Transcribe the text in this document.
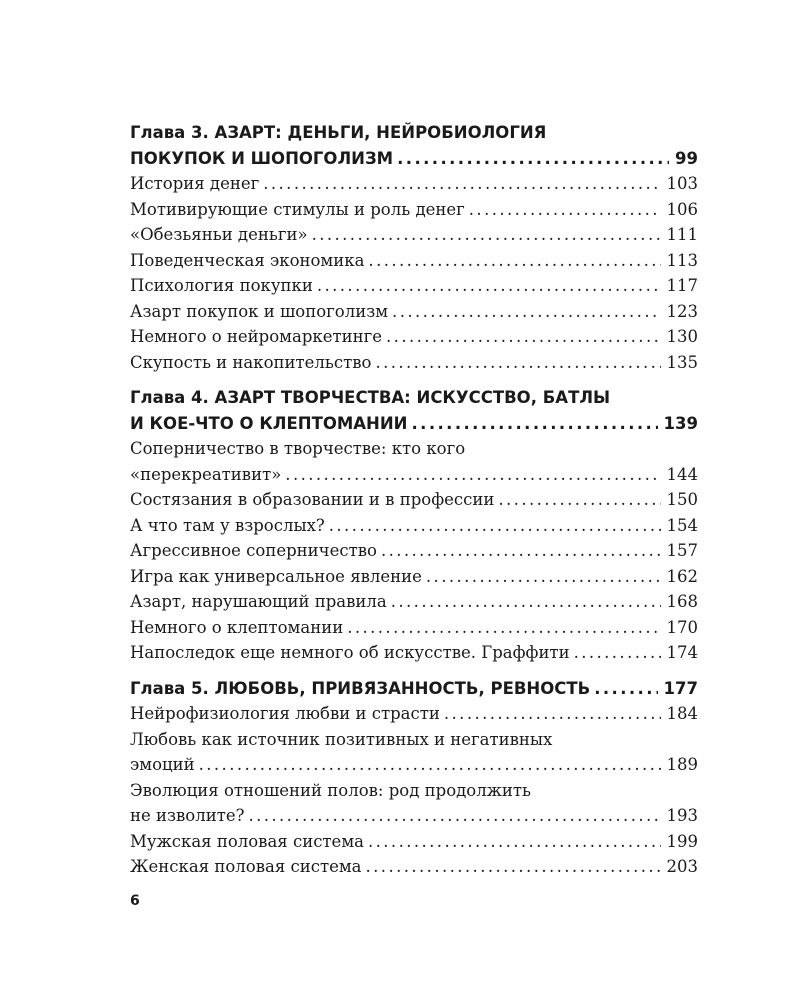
Глава 3. АЗАРТ: ДЕНЬГИ, НЕЙРОБИОЛОГИЯ
ПОКУПОК И ШОПОГОЛИЗМ .....	99
История денег .....	103
Мотивирующие стимулы и роль денег .....	106
«Обезьяньи деньги» .....	111
Поведенческая экономика .....	113
Психология покупки .....	117
Азарт покупок и шопоголизм .....	123
Немного о нейромаркетинге .....	130
Скупость и накопительство .....	135
Глава 4. АЗАРТ ТВОРЧЕСТВА: ИСКУССТВО, БАТЛЫ
И КОЕ-ЧТО О КЛЕПТОМАНИИ .....	139
Соперничество в творчестве: кто кого
«перекреативит» .....	144
Состязания в образовании и в профессии .....	150
А что там у взрослых? .....	154
Агрессивное соперничество .....	157
Игра как универсальное явление .....	162
Азарт, нарушающий правила .....	168
Немного о клептомании .....	170
Напоследок еще немного об искусстве. Граффити .....	174
Глава 5. ЛЮБОВЬ, ПРИВЯЗАННОСТЬ, РЕВНОСТЬ .....	177
Нейрофизиология любви и страсти .....	184
Любовь как источник позитивных и негативных
эмоций .....	189
Эволюция отношений полов: род продолжить
не изволите? .....	193
Мужская половая система .....	199
Женская половая система .....	203
6
